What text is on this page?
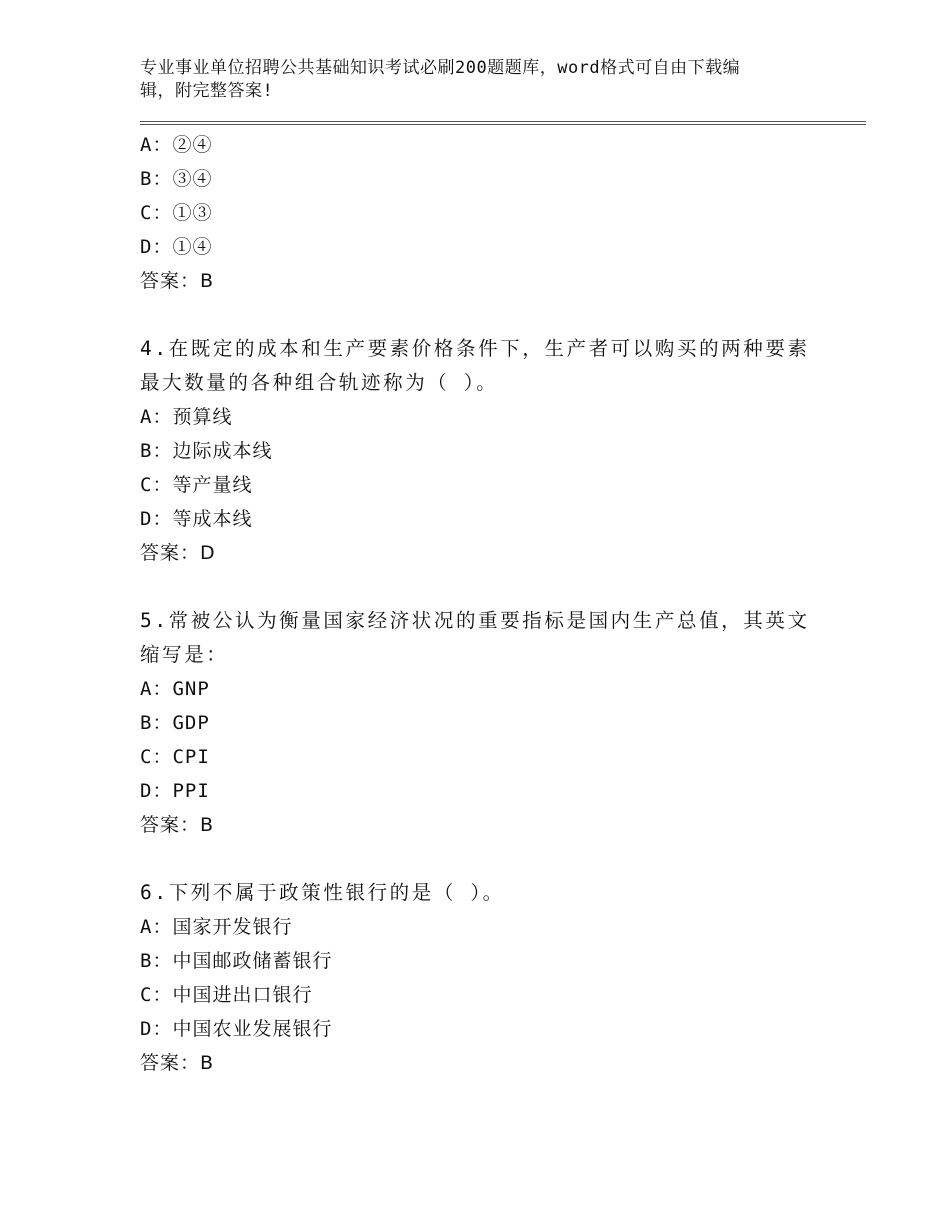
专业事业单位招聘公共基础知识考试必刷200题题库，word格式可自由下载编
辑，附完整答案!
A：②④
B：③④
C：①③
D：①④
答案：B
4.在既定的成本和生产要素价格条件下，生产者可以购买的两种要素
最大数量的各种组合轨迹称为（ ）。
A：预算线
B：边际成本线
C：等产量线
D：等成本线
答案：D
5.常被公认为衡量国家经济状况的重要指标是国内生产总值，其英文
缩写是：
A：GNP
B：GDP
C：CPI
D：PPI
答案：B
6.下列不属于政策性银行的是（ ）。
A：国家开发银行
B：中国邮政储蓄银行
C：中国进出口银行
D：中国农业发展银行
答案：B
